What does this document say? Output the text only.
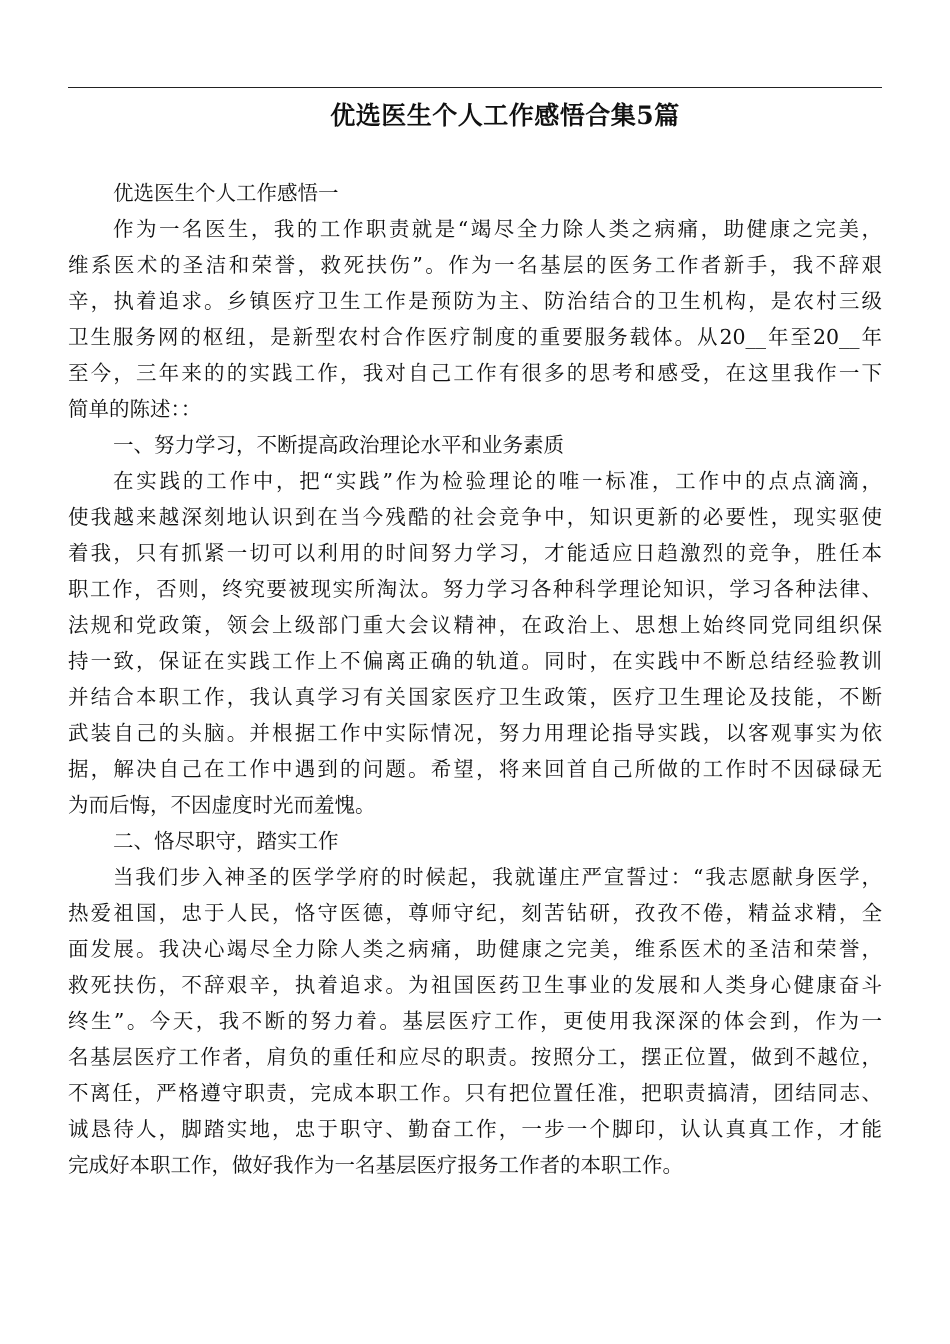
优选医生个人工作感悟合集5篇

优选医生个人工作感悟一

作为一名医生，我的工作职责就是“竭尽全力除人类之病痛，助健康之完美，
维系医术的圣洁和荣誉，救死扶伤”。作为一名基层的医务工作者新手，我不辞艰
辛，执着追求。乡镇医疗卫生工作是预防为主、防治结合的卫生机构，是农村三级
卫生服务网的枢纽，是新型农村合作医疗制度的重要服务载体。从20__年至20__年
至今，三年来的的实践工作，我对自己工作有很多的思考和感受，在这里我作一下
简单的陈述：：

一、努力学习，不断提高政治理论水平和业务素质

在实践的工作中，把“实践”作为检验理论的唯一标准，工作中的点点滴滴，
使我越来越深刻地认识到在当今残酷的社会竞争中，知识更新的必要性，现实驱使
着我，只有抓紧一切可以利用的时间努力学习，才能适应日趋激烈的竞争，胜任本
职工作，否则，终究要被现实所淘汰。努力学习各种科学理论知识，学习各种法律、
法规和党政策，领会上级部门重大会议精神，在政治上、思想上始终同党同组织保
持一致，保证在实践工作上不偏离正确的轨道。同时，在实践中不断总结经验教训
并结合本职工作，我认真学习有关国家医疗卫生政策，医疗卫生理论及技能，不断
武装自己的头脑。并根据工作中实际情况，努力用理论指导实践，以客观事实为依
据，解决自己在工作中遇到的问题。希望，将来回首自己所做的工作时不因碌碌无
为而后悔，不因虚度时光而羞愧。

二、恪尽职守，踏实工作

当我们步入神圣的医学学府的时候起，我就谨庄严宣誓过：“我志愿献身医学，
热爱祖国，忠于人民，恪守医德，尊师守纪，刻苦钻研，孜孜不倦，精益求精，全
面发展。我决心竭尽全力除人类之病痛，助健康之完美，维系医术的圣洁和荣誉，
救死扶伤，不辞艰辛，执着追求。为祖国医药卫生事业的发展和人类身心健康奋斗
终生”。今天，我不断的努力着。基层医疗工作，更使用我深深的体会到，作为一
名基层医疗工作者，肩负的重任和应尽的职责。按照分工，摆正位置，做到不越位，
不离任，严格遵守职责，完成本职工作。只有把位置任准，把职责搞清，团结同志、
诚恳待人，脚踏实地，忠于职守、勤奋工作，一步一个脚印，认认真真工作，才能
完成好本职工作，做好我作为一名基层医疗报务工作者的本职工作。
